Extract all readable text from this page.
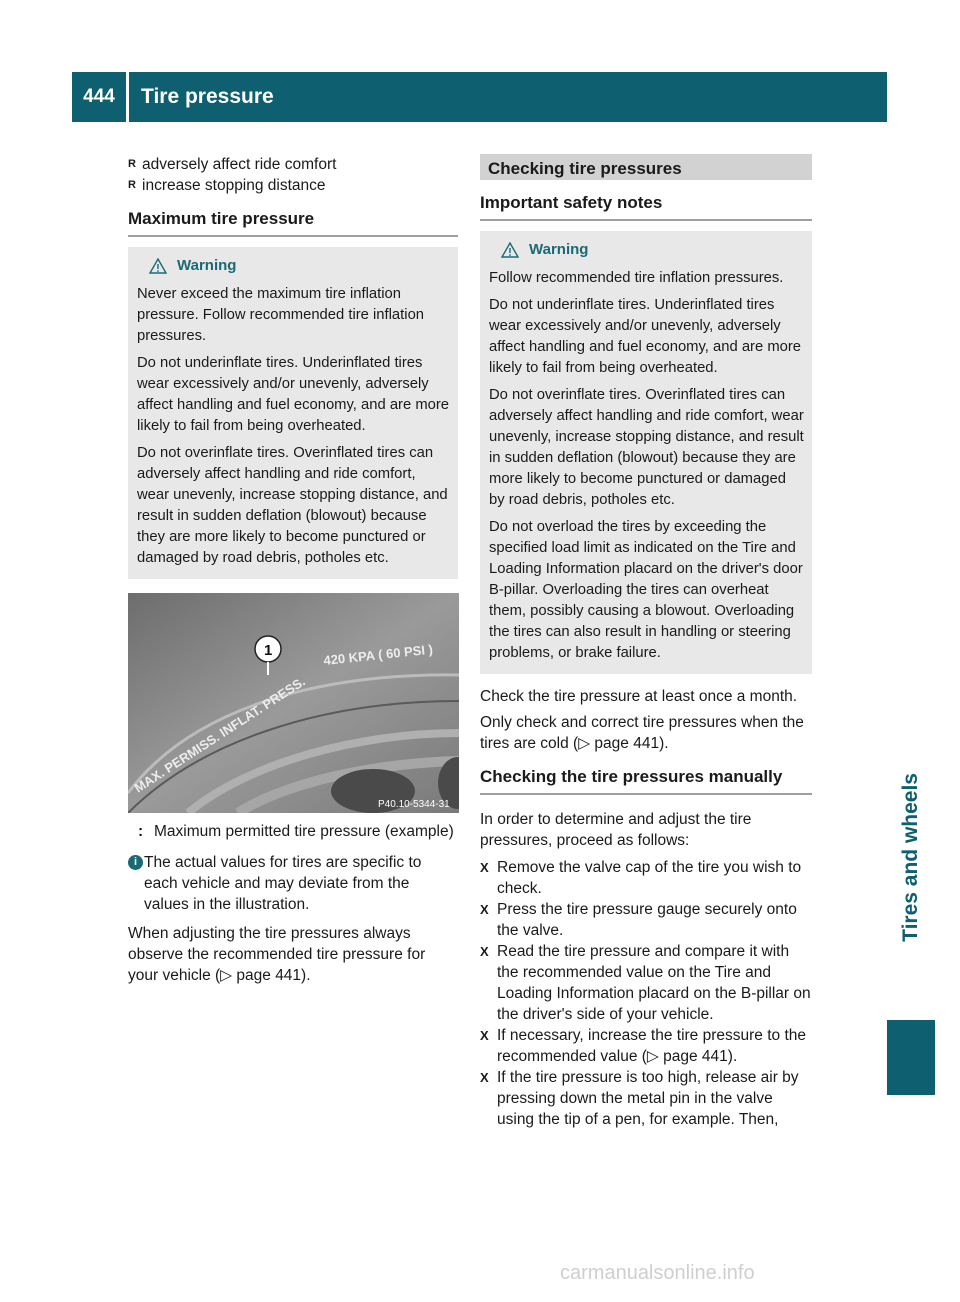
444	Tire pressure
Tires and wheels

R adversely affect ride comfort

R increase stopping distance

Maximum tire pressure
Warning

Never exceed the maximum tire inflation pressure. Follow recommended tire inflation pressures.

Do not underinflate tires. Underinflated tires wear excessively and/or unevenly, adversely affect handling and fuel economy, and are more likely to fail from being overheated.

Do not overinflate tires. Overinflated tires can adversely affect handling and ride comfort, wear unevenly, increase stopping distance, and result in sudden deflation (blowout) because they are more likely to become punctured or damaged by road debris, potholes etc.

MAX. PERMISS. INFLAT. PRESS.
420 KPA ( 60 PSI )
1
P40.10-5344-31

: Maximum permitted tire pressure (example)

i The actual values for tires are specific to each vehicle and may deviate from the values in the illustration.

When adjusting the tire pressures always observe the recommended tire pressure for your vehicle (▷ page 441).

Checking tire pressures
Important safety notes
Warning

Follow recommended tire inflation pressures.

Do not underinflate tires. Underinflated tires wear excessively and/or unevenly, adversely affect handling and fuel economy, and are more likely to fail from being overheated.

Do not overinflate tires. Overinflated tires can adversely affect handling and ride comfort, wear unevenly, increase stopping distance, and result in sudden deflation (blowout) because they are more likely to become punctured or damaged by road debris, potholes etc.

Do not overload the tires by exceeding the specified load limit as indicated on the Tire and Loading Information placard on the driver's door B-pillar. Overloading the tires can overheat them, possibly causing a blowout. Overloading the tires can also result in handling or steering problems, or brake failure.

Check the tire pressure at least once a month.

Only check and correct tire pressures when the tires are cold (▷ page 441).

Checking the tire pressures manually

In order to determine and adjust the tire pressures, proceed as follows:

X Remove the valve cap of the tire you wish to check.

X Press the tire pressure gauge securely onto the valve.

X Read the tire pressure and compare it with the recommended value on the Tire and Loading Information placard on the B-pillar on the driver's side of your vehicle.

X If necessary, increase the tire pressure to the recommended value (▷ page 441).

X If the tire pressure is too high, release air by pressing down the metal pin in the valve using the tip of a pen, for example. Then,

carmanualsonline.info
